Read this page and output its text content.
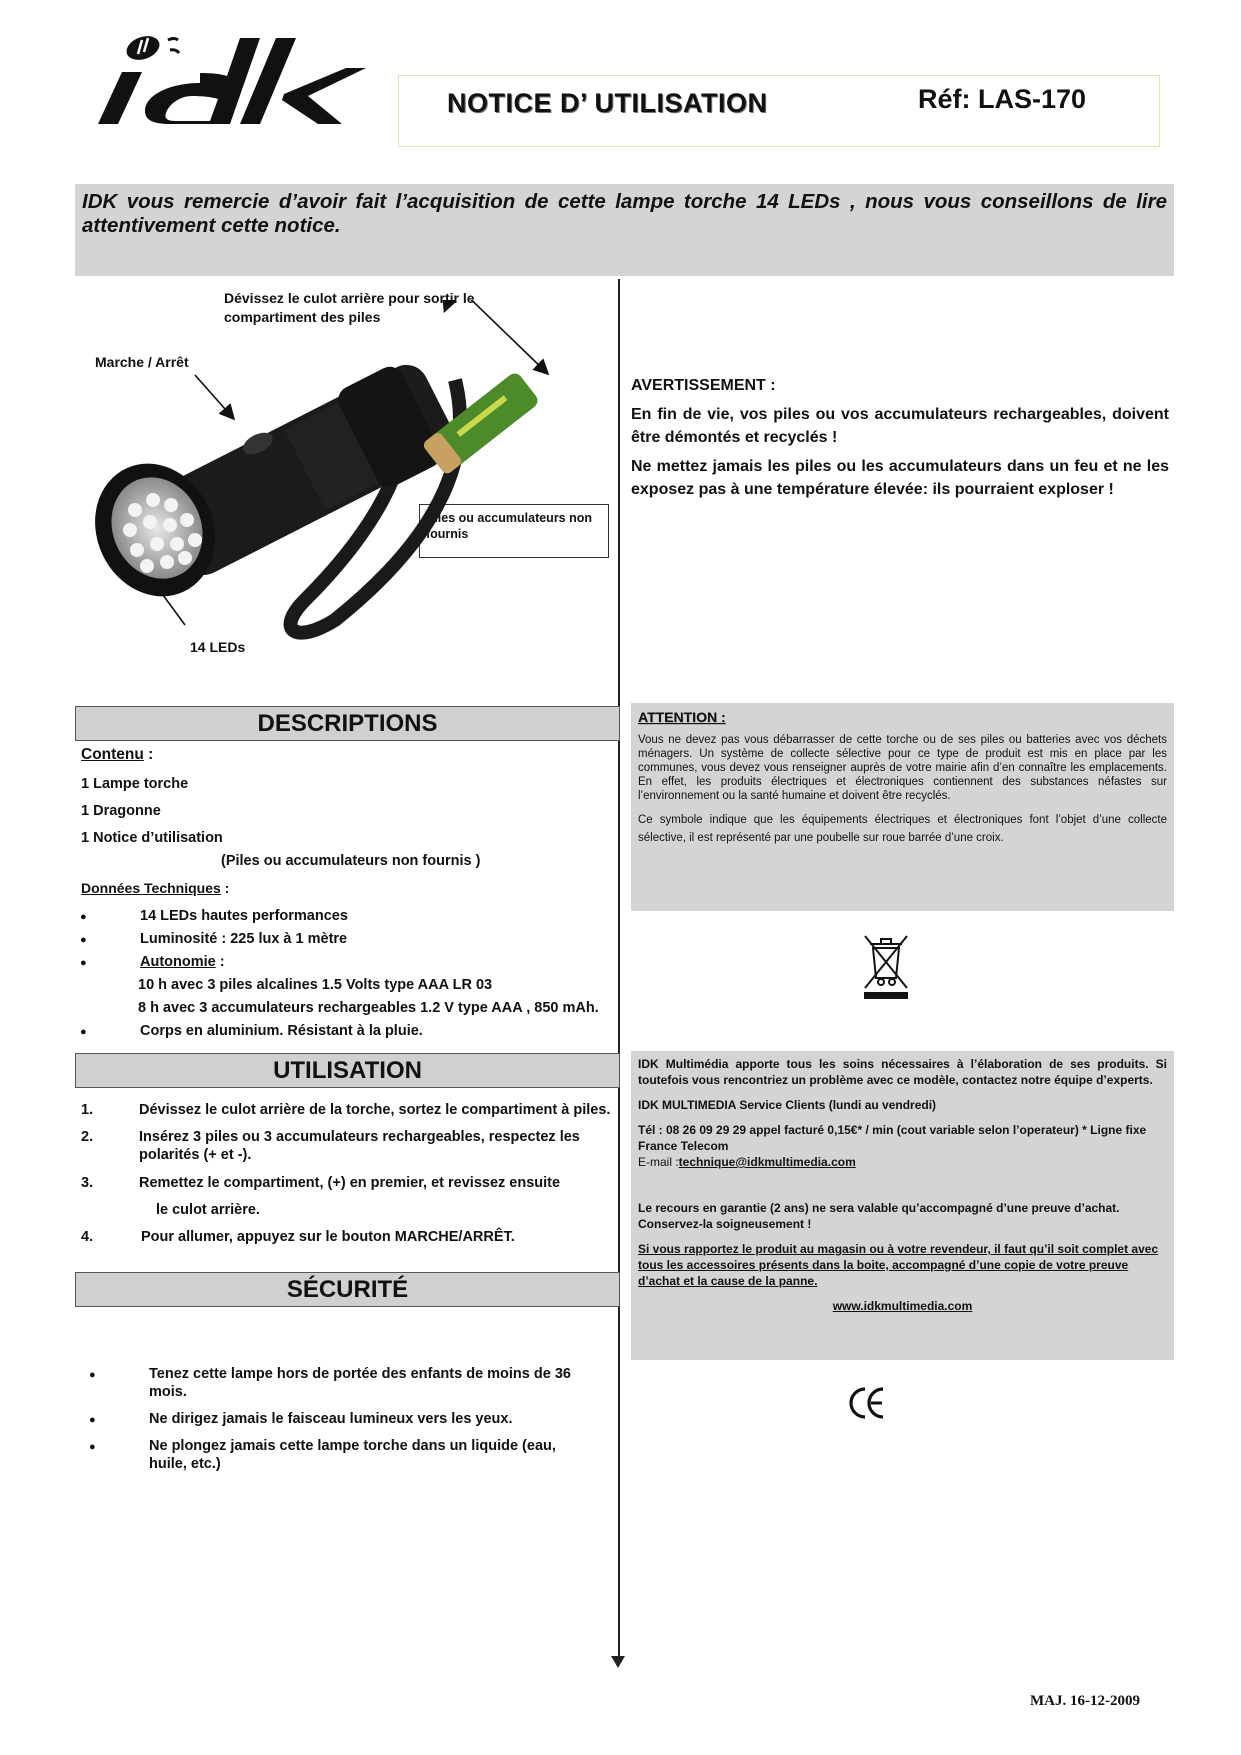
NOTICE D’ UTILISATION	Réf: LAS-170
IDK vous remercie d’avoir fait l’acquisition de cette lampe torche 14 LEDs , nous vous conseillons de lire attentivement cette notice.
Dévissez le culot arrière pour sortir le compartiment des piles
Marche / Arrêt
14 LEDs
Piles ou accumulateurs non fournis

AVERTISSEMENT :

En fin de vie, vos piles ou vos accumulateurs rechargeables, doivent être démontés et recyclés !

Ne mettez jamais les piles ou les accumulateurs dans un feu et ne les exposez pas à une température élevée: ils pourraient exploser !

DESCRIPTIONS
Contenu :
1 Lampe torche
1 Dragonne
1 Notice d’utilisation
(Piles ou accumulateurs non fournis )
Données Techniques :
●	14 LEDs hautes performances
●	Luminosité : 225 lux à 1 mètre
●	Autonomie :
10 h avec 3 piles alcalines 1.5 Volts type AAA LR 03
8 h avec 3 accumulateurs rechargeables 1.2 V type AAA , 850 mAh.
●	Corps en aluminium. Résistant à la pluie.
UTILISATION
1.	Dévissez le culot arrière de la torche, sortez le compartiment à piles.
2.	Insérez 3 piles ou 3 accumulateurs rechargeables, respectez les polarités (+ et -).
3.	Remettez le compartiment, (+) en premier, et revissez ensuite
le culot arrière.
4.	Pour allumer, appuyez sur le bouton MARCHE/ARRÊT.
SÉCURITÉ
●	Tenez cette lampe hors de portée des enfants de moins de 36 mois.
●	Ne dirigez jamais le faisceau lumineux vers les yeux.
●	Ne plongez jamais cette lampe torche dans un liquide (eau, huile, etc.)
ATTENTION :

Vous ne devez pas vous débarrasser de cette torche ou de ses piles ou batteries avec vos déchets ménagers. Un système de collecte sélective pour ce type de produit est mis en place par les communes, vous devez vous renseigner auprès de votre mairie afin d’en connaître les emplacements. En effet, les produits électriques et électroniques contiennent des substances néfastes sur l’environnement ou la santé humaine et doivent être recyclés.

Ce symbole indique que les équipements électriques et électroniques font l’objet d’une collecte sélective, il est représenté par une poubelle sur roue barrée d’une croix.

IDK Multimédia apporte tous les soins nécessaires à l’élaboration de ses produits. Si toutefois vous rencontriez un problème avec ce modèle, contactez notre équipe d’experts.

IDK MULTIMEDIA Service Clients (lundi au vendredi)

Tél : 08 26 09 29 29 appel facturé 0,15€* / min (cout variable selon l’operateur) * Ligne fixe France Telecom

E-mail :technique@idkmultimedia.com

Le recours en garantie (2 ans) ne sera valable qu’accompagné d’une preuve d’achat. Conservez-la soigneusement !

Si vous rapportez le produit au magasin ou à votre revendeur, il faut qu’il soit complet avec tous les accessoires présents dans la boite, accompagné d’une copie de votre preuve d’achat et la cause de la panne.

www.idkmultimedia.com

CE
MAJ. 16-12-2009
